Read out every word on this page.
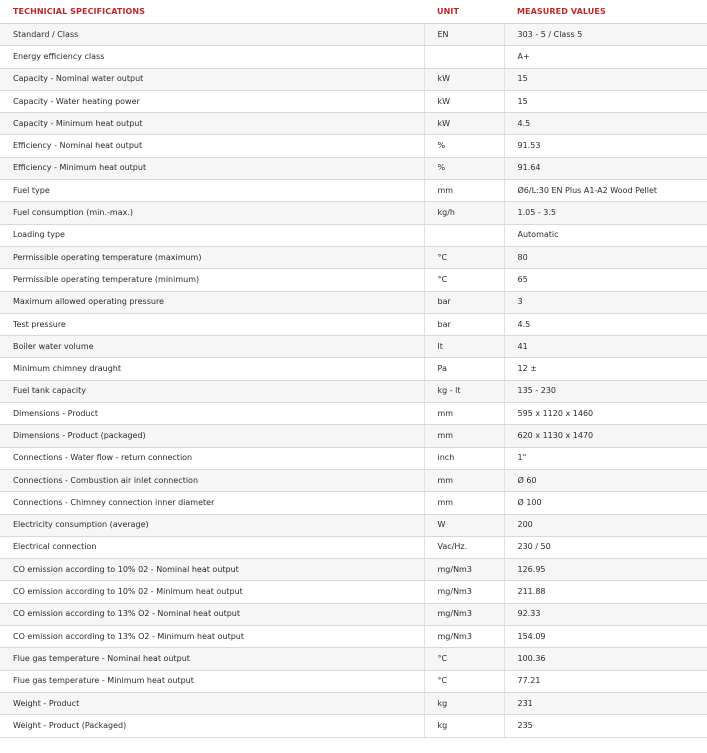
TECHNICIAL SPECIFICATIONS	UNIT	MEASURED VALUES
Standard / Class	EN	303 - 5 / Class 5
Energy efficiency class		A+
Capacity - Nominal water output	kW	15
Capacity - Water heating power	kW	15
Capacity - Minimum heat output	kW	4.5
Efficiency - Nominal heat output	%	91.53
Efficiency - Minimum heat output	%	91.64
Fuel type	mm	Ø6/L:30 EN Plus A1-A2 Wood Pellet
Fuel consumption (min.-max.)	kg/h	1.05 - 3.5
Loading type		Automatic
Permissible operating temperature (maximum)	°C	80
Permissible operating temperature (minimum)	°C	65
Maximum allowed operating pressure	bar	3
Test pressure	bar	4.5
Boiler water volume	lt	41
Minimum chimney draught	Pa	12 ±
Fuel tank capacity	kg - lt	135 - 230
Dimensions - Product	mm	595 x 1120 x 1460
Dimensions - Product (packaged)	mm	620 x 1130 x 1470
Connections - Water flow - return connection	inch	1"
Connections - Combustion air inlet connection	mm	Ø 60
Connections - Chimney connection inner diameter	mm	Ø 100
Electricity consumption (average)	W	200
Electrical connection	Vac/Hz.	230 / 50
CO emission according to 10% 02 - Nominal heat output	mg/Nm3	126.95
CO emission according to 10% 02 - Minimum heat output	mg/Nm3	211.88
CO emission according to 13% O2 - Nominal heat output	mg/Nm3	92.33
CO emission according to 13% O2 - Minimum heat output	mg/Nm3	154.09
Flue gas temperature - Nominal heat output	°C	100.36
Flue gas temperature - Minimum heat output	°C	77.21
Weight - Product	kg	231
Weight - Product (Packaged)	kg	235
